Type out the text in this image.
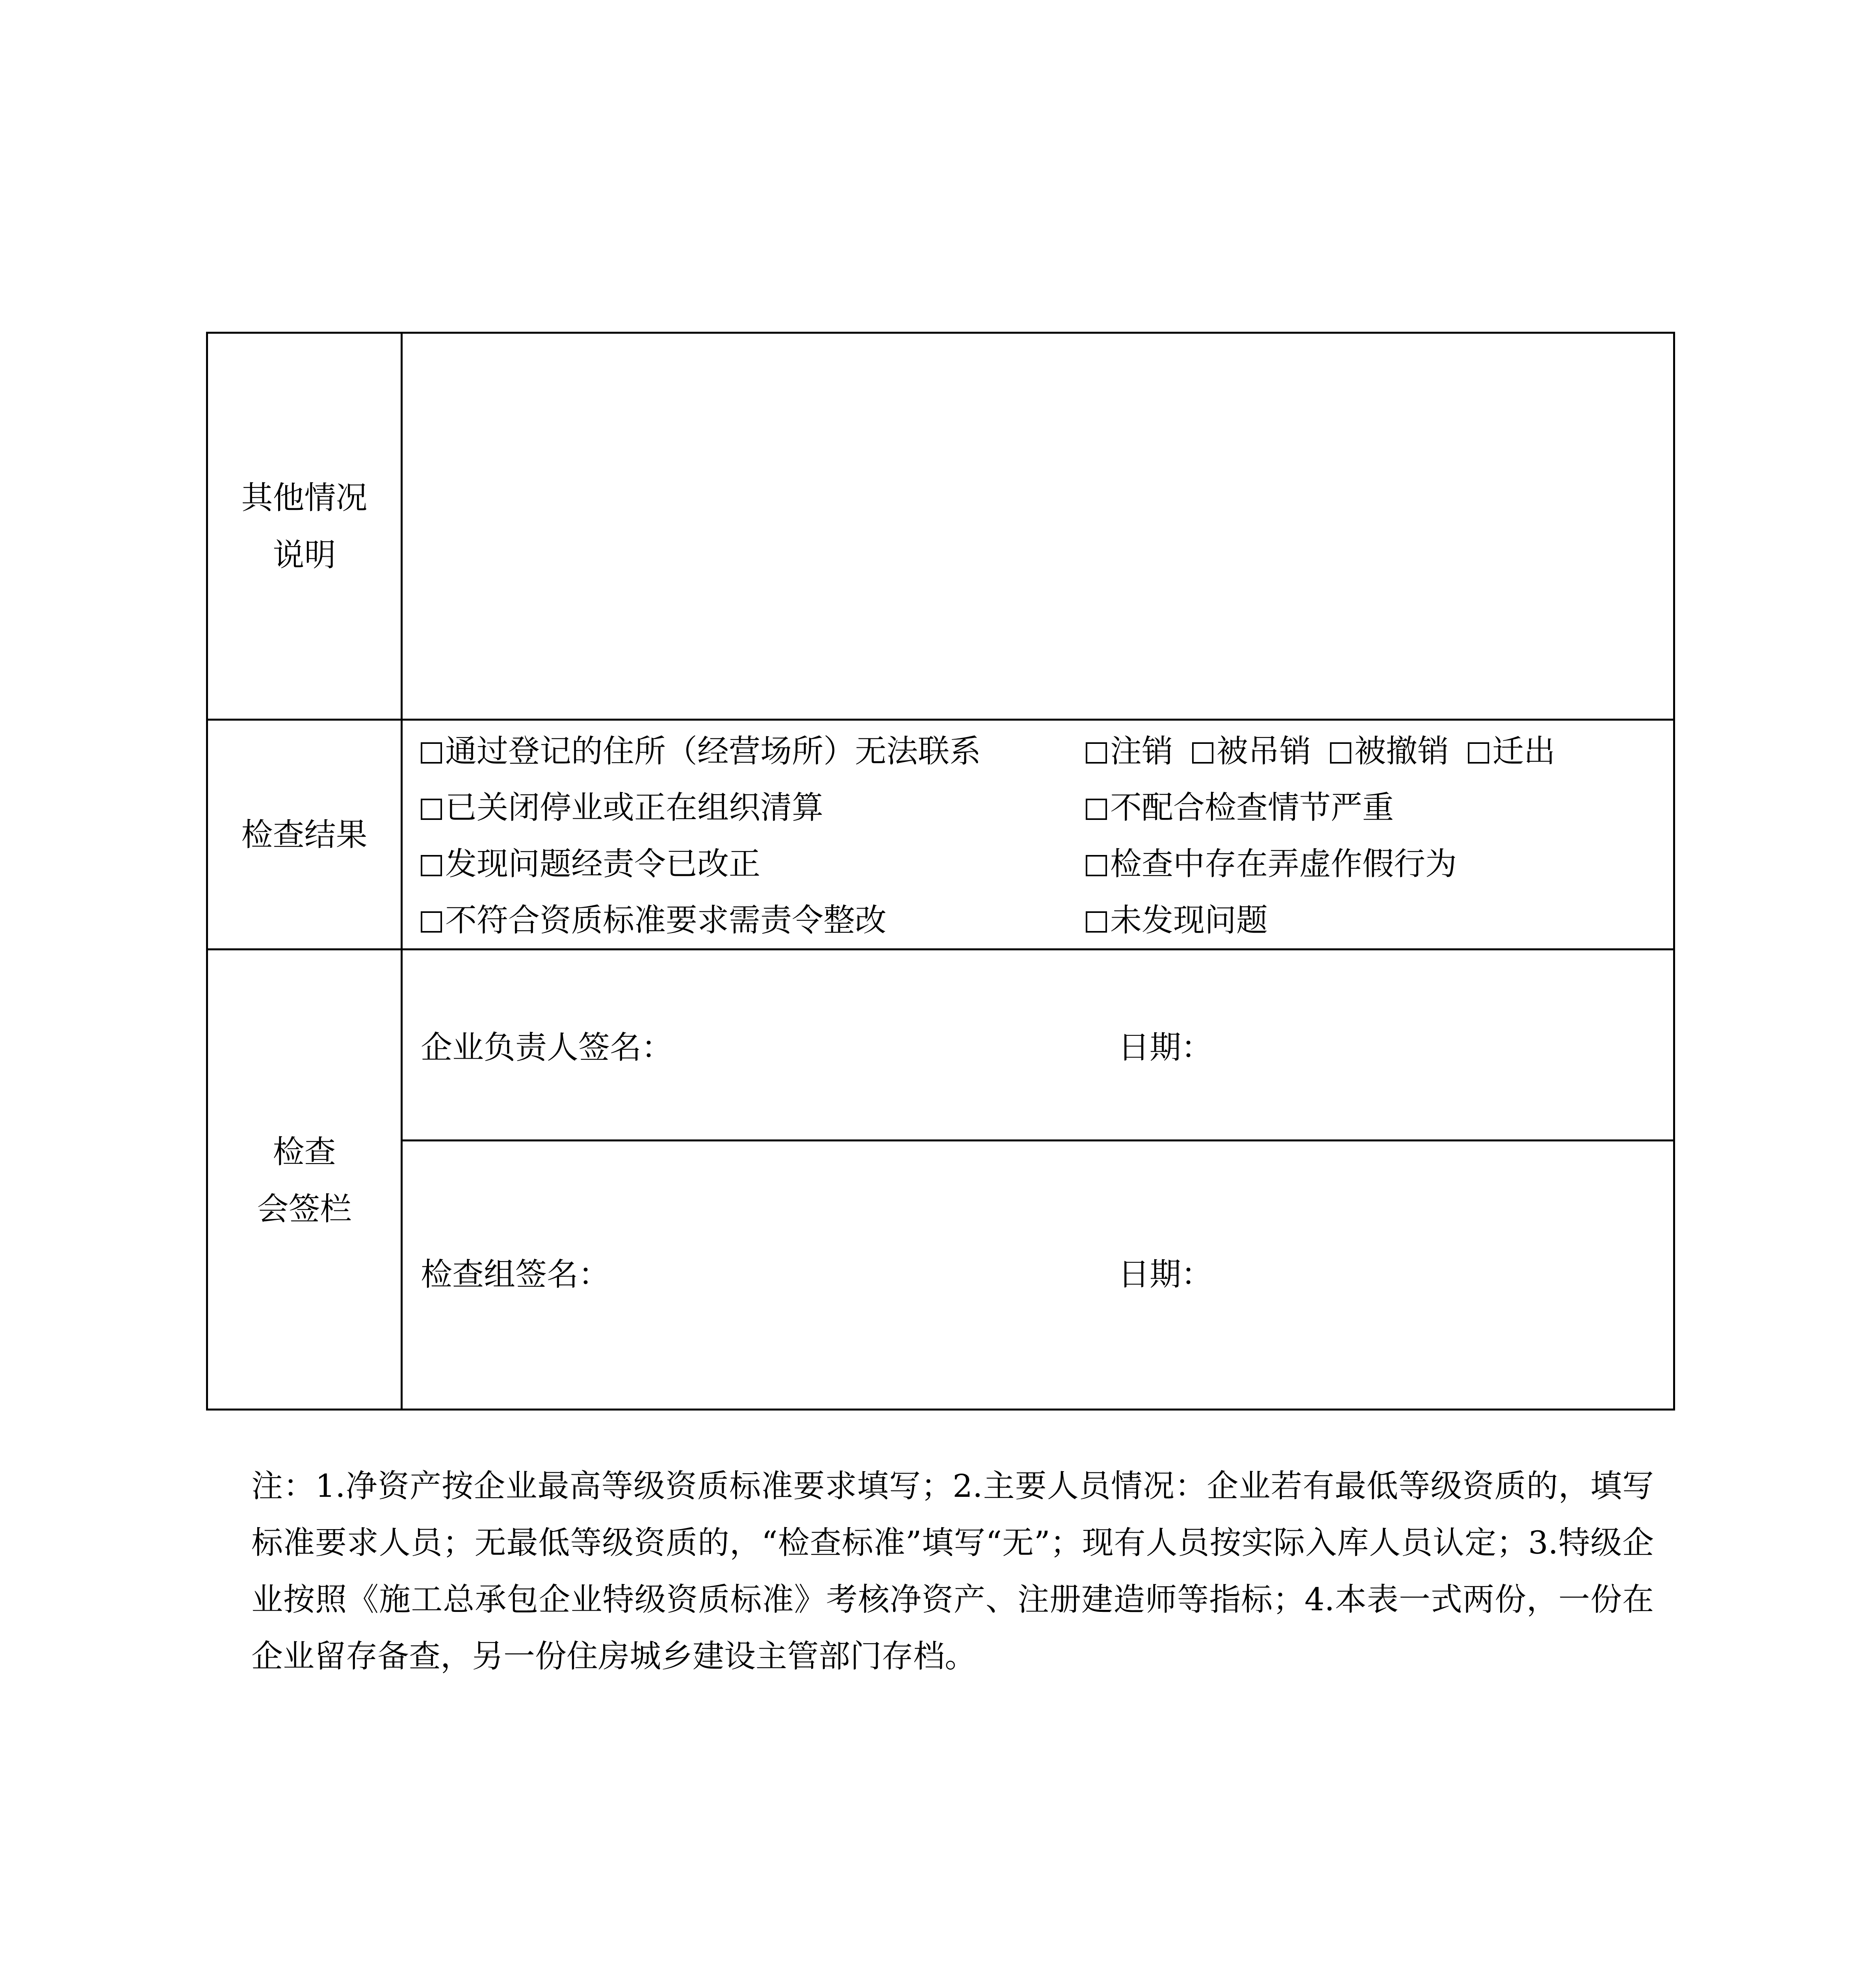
其他情况
说明
检查结果
通过登记的住所（经营场所）无法联系
已关闭停业或正在组织清算
发现问题经责令已改正
不符合资质标准要求需责令整改
注销 被吊销 被撤销 迁出
不配合检查情节严重
检查中存在弄虚作假行为
未发现问题
检查
会签栏
企业负责人签名：	日期：
检查组签名：	日期：
注：1.净资产按企业最高等级资质标准要求填写；2.主要人员情况：企业若有最低等级资质的，填写标准要求人员；无最低等级资质的，“检查标准”填写“无”；现有人员按实际入库人员认定；3.特级企业按照《施工总承包企业特级资质标准》考核净资产、注册建造师等指标；4.本表一式两份，一份在企业留存备查，另一份住房城乡建设主管部门存档。
